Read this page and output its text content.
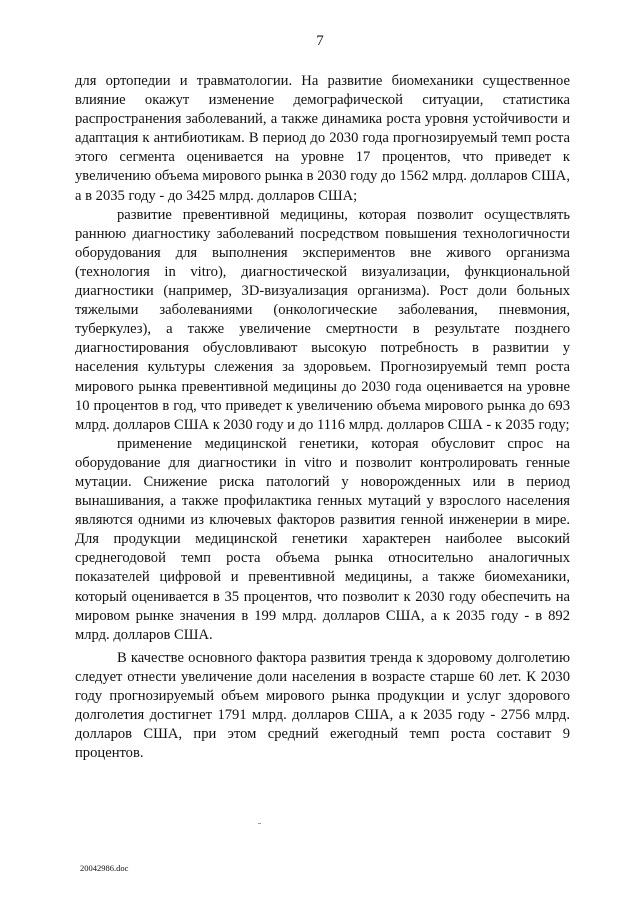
7

для ортопедии и травматологии. На развитие биомеханики существенное влияние окажут изменение демографической ситуации, статистика распространения заболеваний, а также динамика роста уровня устойчивости и адаптация к антибиотикам. В период до 2030 года прогнозируемый темп роста этого сегмента оценивается на уровне 17 процентов, что приведет к увеличению объема мирового рынка в 2030 году до 1562 млрд. долларов США, а в 2035 году - до 3425 млрд. долларов США;

развитие превентивной медицины, которая позволит осуществлять раннюю диагностику заболеваний посредством повышения технологичности оборудования для выполнения экспериментов вне живого организма (технология in vitro), диагностической визуализации, функциональной диагностики (например, 3D-визуализация организма). Рост доли больных тяжелыми заболеваниями (онкологические заболевания, пневмония, туберкулез), а также увеличение смертности в результате позднего диагностирования обусловливают высокую потребность в развитии у населения культуры слежения за здоровьем. Прогнозируемый темп роста мирового рынка превентивной медицины до 2030 года оценивается на уровне 10 процентов в год, что приведет к увеличению объема мирового рынка до 693 млрд. долларов США к 2030 году и до 1116 млрд. долларов США - к 2035 году;

применение медицинской генетики, которая обусловит спрос на оборудование для диагностики in vitro и позволит контролировать генные мутации. Снижение риска патологий у новорожденных или в период вынашивания, а также профилактика генных мутаций у взрослого населения являются одними из ключевых факторов развития генной инженерии в мире. Для продукции медицинской генетики характерен наиболее высокий среднегодовой темп роста объема рынка относительно аналогичных показателей цифровой и превентивной медицины, а также биомеханики, который оценивается в 35 процентов, что позволит к 2030 году обеспечить на мировом рынке значения в 199 млрд. долларов США, а к 2035 году - в 892 млрд. долларов США.

В качестве основного фактора развития тренда к здоровому долголетию следует отнести увеличение доли населения в возрасте старше 60 лет. К 2030 году прогнозируемый объем мирового рынка продукции и услуг здорового долголетия достигнет 1791 млрд. долларов США, а к 2035 году - 2756 млрд. долларов США, при этом средний ежегодный темп роста составит 9 процентов.

20042986.doc
